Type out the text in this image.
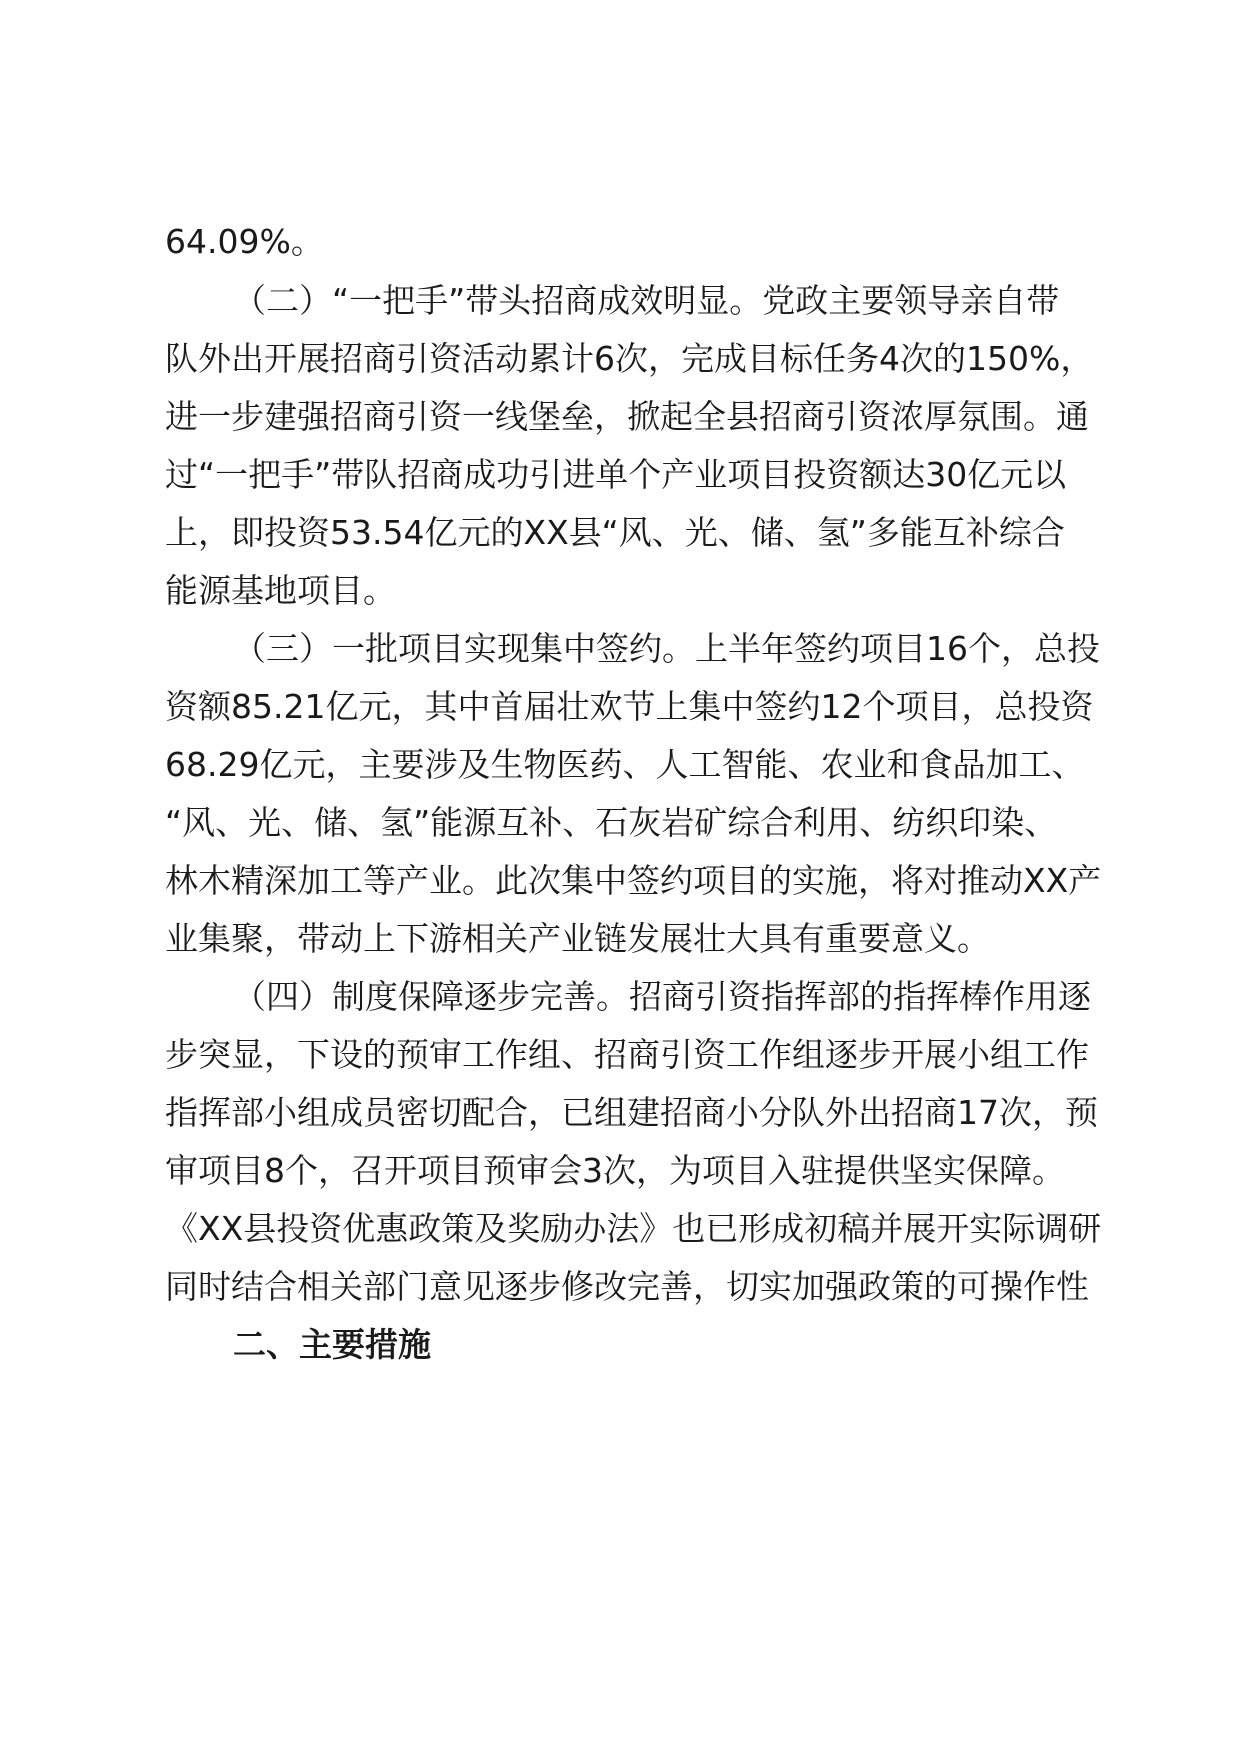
64.09%。
（二）“一把手”带头招商成效明显。党政主要领导亲自带
队外出开展招商引资活动累计6次，完成目标任务4次的150%，
进一步建强招商引资一线堡垒，掀起全县招商引资浓厚氛围。通
过“一把手”带队招商成功引进单个产业项目投资额达30亿元以
上，即投资53.54亿元的XX县“风、光、储、氢”多能互补综合
能源基地项目。
（三）一批项目实现集中签约。上半年签约项目16个，总投
资额85.21亿元，其中首届壮欢节上集中签约12个项目，总投资
68.29亿元，主要涉及生物医药、人工智能、农业和食品加工、
“风、光、储、氢”能源互补、石灰岩矿综合利用、纺织印染、
林木精深加工等产业。此次集中签约项目的实施，将对推动XX产
业集聚，带动上下游相关产业链发展壮大具有重要意义。
（四）制度保障逐步完善。招商引资指挥部的指挥棒作用逐
步突显，下设的预审工作组、招商引资工作组逐步开展小组工作
指挥部小组成员密切配合，已组建招商小分队外出招商17次，预
审项目8个，召开项目预审会3次，为项目入驻提供坚实保障。
《XX县投资优惠政策及奖励办法》也已形成初稿并展开实际调研
同时结合相关部门意见逐步修改完善，切实加强政策的可操作性
二、主要措施
